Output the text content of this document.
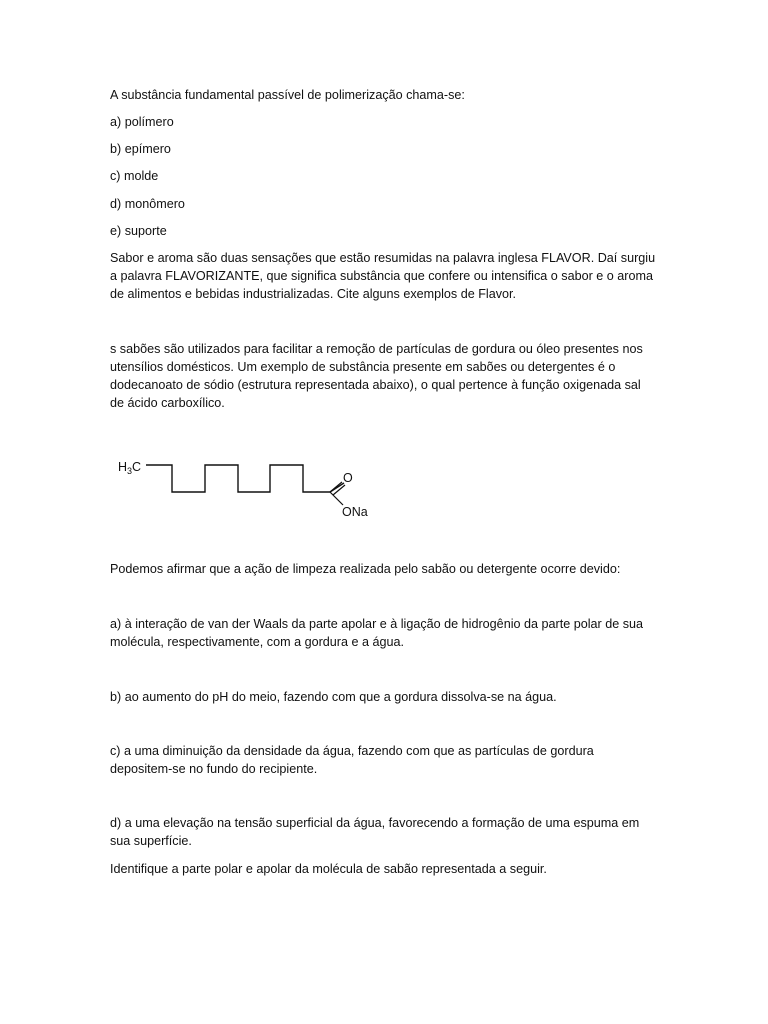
A substância fundamental passível de polimerização chama-se:

a) polímero

b) epímero

c) molde

d) monômero

e) suporte

Sabor e aroma são duas sensações que estão resumidas na palavra inglesa FLAVOR. Daí surgiu a palavra FLAVORIZANTE, que significa substância que confere ou intensifica o sabor e o aroma de alimentos e bebidas industrializadas. Cite alguns exemplos de Flavor.

s sabões são utilizados para facilitar a remoção de partículas de gordura ou óleo presentes nos utensílios domésticos. Um exemplo de substância presente em sabões ou detergentes é o dodecanoato de sódio (estrutura representada abaixo), o qual pertence à função oxigenada sal de ácido carboxílico.

$H_3C$
O
ONa

Podemos afirmar que a ação de limpeza realizada pelo sabão ou detergente ocorre devido:

a) à interação de van der Waals da parte apolar e à ligação de hidrogênio da parte polar de sua molécula, respectivamente, com a gordura e a água.

b) ao aumento do pH do meio, fazendo com que a gordura dissolva-se na água.

c) a uma diminuição da densidade da água, fazendo com que as partículas de gordura depositem-se no fundo do recipiente.

d) a uma elevação na tensão superficial da água, favorecendo a formação de uma espuma em sua superfície.

Identifique a parte polar e apolar da molécula de sabão representada a seguir.
